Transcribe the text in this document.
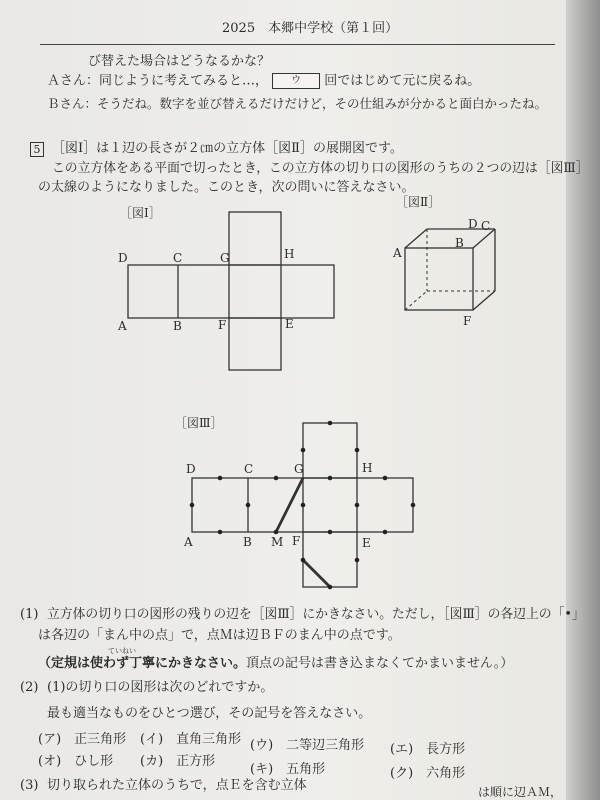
2025　本郷中学校（第１回）
び替えた場合はどうなるかな？
Ａさん：同じように考えてみると…， ウ 回ではじめて元に戻るね。
Ｂさん：そうだね。数字を並び替えるだけだけど，その仕組みが分かると面白かったね。
5 ［図Ⅰ］は１辺の長さが２㎝の立方体［図Ⅱ］の展開図です。
この立方体をある平面で切ったとき，この立方体の切り口の図形のうちの２つの辺は［図Ⅲ］
の太線のようになりました。このとき，次の問いに答えなさい。
［図Ⅰ］
D	C	G	H
A	B	F	E
［図Ⅱ］
D C
A
B
F
［図Ⅲ］
D	C	G	H
A	B M F	E
(1) 立方体の切り口の図形の残りの辺を［図Ⅲ］にかきなさい。ただし，［図Ⅲ］の各辺上の「•」
は各辺の「まん中の点」で，点Ｍは辺ＢＦのまん中の点です。
ていねい
（定規は使わず丁寧にかきなさい。頂点の記号は書き込まなくてかまいません。）
(2) (1)の切り口の図形は次のどれですか。
最も適当なものをひとつ選び，その記号を答えなさい。
(ア)　正三角形 (イ)　直角三角形 (ウ)　二等辺三角形 (エ)　長方形
(オ)　ひし形 (カ)　正方形
(キ)　五角形	(ク)　六角形
(3) 切り取られた立体のうちで，点Ｅを含む立体	は順に辺ＡＭ，
